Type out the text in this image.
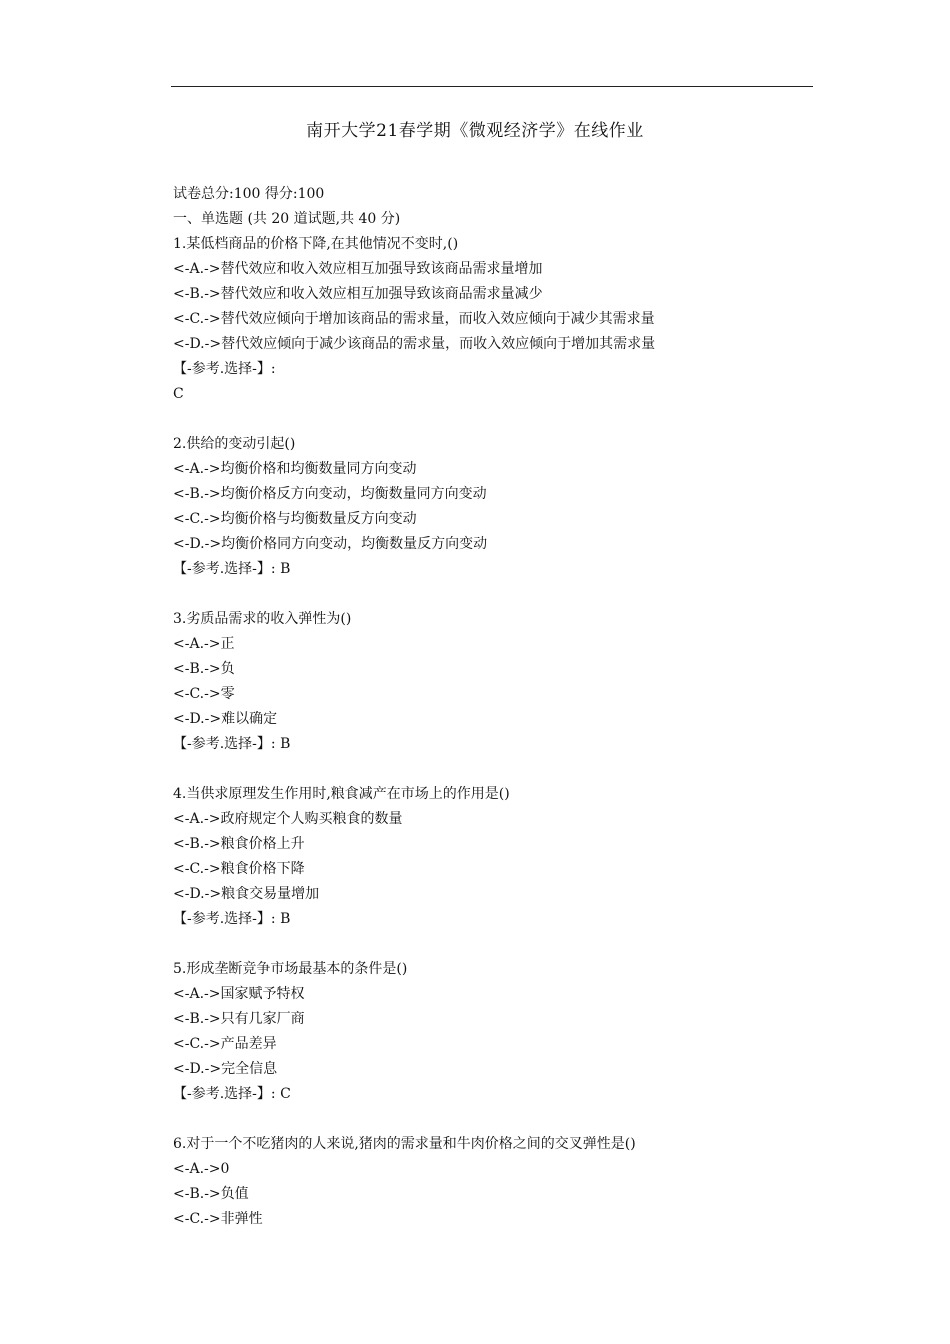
南开大学21春学期《微观经济学》在线作业
试卷总分:100 得分:100
一、单选题 (共 20 道试题,共 40 分)
1.某低档商品的价格下降,在其他情况不变时,()
<-A.->替代效应和收入效应相互加强导致该商品需求量增加
<-B.->替代效应和收入效应相互加强导致该商品需求量减少
<-C.->替代效应倾向于增加该商品的需求量，而收入效应倾向于减少其需求量
<-D.->替代效应倾向于减少该商品的需求量，而收入效应倾向于增加其需求量
【-参考.选择-】:
C
2.供给的变动引起()
<-A.->均衡价格和均衡数量同方向变动
<-B.->均衡价格反方向变动，均衡数量同方向变动
<-C.->均衡价格与均衡数量反方向变动
<-D.->均衡价格同方向变动，均衡数量反方向变动
【-参考.选择-】: B
3.劣质品需求的收入弹性为()
<-A.->正
<-B.->负
<-C.->零
<-D.->难以确定
【-参考.选择-】: B
4.当供求原理发生作用时,粮食减产在市场上的作用是()
<-A.->政府规定个人购买粮食的数量
<-B.->粮食价格上升
<-C.->粮食价格下降
<-D.->粮食交易量增加
【-参考.选择-】: B
5.形成垄断竞争市场最基本的条件是()
<-A.->国家赋予特权
<-B.->只有几家厂商
<-C.->产品差异
<-D.->完全信息
【-参考.选择-】: C
6.对于一个不吃猪肉的人来说,猪肉的需求量和牛肉价格之间的交叉弹性是()
<-A.->0
<-B.->负值
<-C.->非弹性
